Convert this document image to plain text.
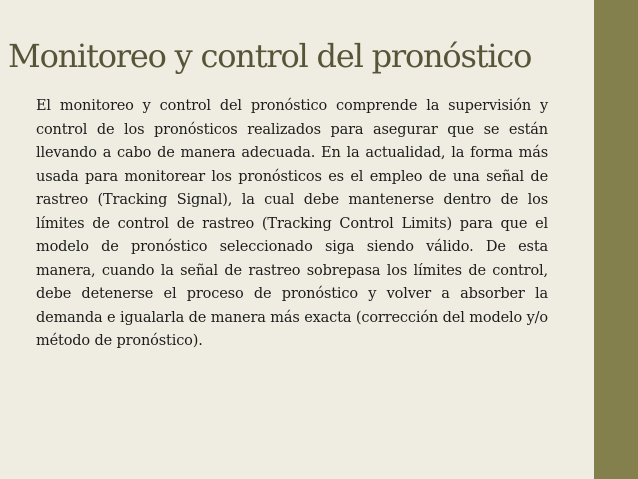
Monitoreo y control del pronóstico

El monitoreo y control del pronóstico comprende la supervisión y control de los pronósticos realizados para asegurar que se están llevando a cabo de manera adecuada. En la actualidad, la forma más usada para monitorear los pronósticos es el empleo de una señal de rastreo (Tracking Signal), la cual debe mantenerse dentro de los límites de control de rastreo (Tracking Control Limits) para que el modelo de pronóstico seleccionado siga siendo válido. De esta manera, cuando la señal de rastreo sobrepasa los límites de control, debe detenerse el proceso de pronóstico y volver a absorber la demanda e igualarla de manera más exacta (corrección del modelo y/o método de pronóstico).
